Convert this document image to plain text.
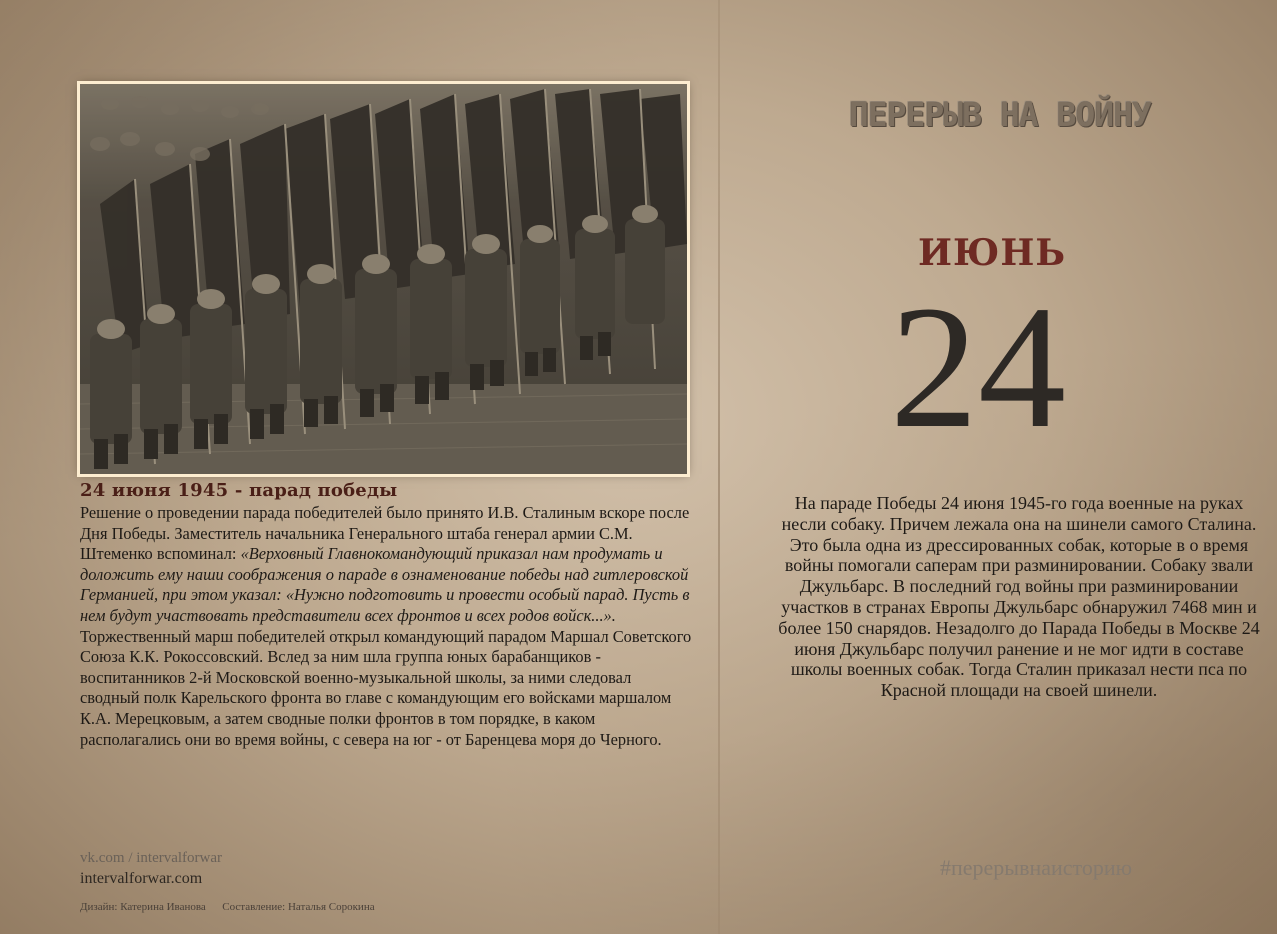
24 июня 1945 - парад победы

Решение о проведении парада победителей было принято И.В. Сталиным вскоре после Дня Победы. Заместитель начальника Генерального штаба генерал армии С.М. Штеменко вспоминал: «Верховный Главнокомандующий приказал нам продумать и доложить ему наши соображения о параде в ознаменование победы над гитлеровской Германией, при этом указал: «Нужно подготовить и провести особый парад. Пусть в нем будут участвовать представители всех фронтов и всех родов войск...». Торжественный марш победителей открыл командующий парадом Маршал Советского Союза К.К. Рокоссовский. Вслед за ним шла группа юных барабанщиков - воспитанников 2-й Московской военно-музыкальной школы, за ними следовал сводный полк Карельского фронта во главе с командующим его войсками маршалом К.А. Мерецковым, а затем сводные полки фронтов в том порядке, в каком располагались они во время войны, с севера на юг - от Баренцева моря до Черного.

vk.com / intervalforwar
intervalforwar.com
Дизайн: Катерина Иванова      Составление: Наталья Сорокина
ПЕРЕРЫВ НА ВОЙНУ
ИЮНЬ
24
На параде Победы 24 июня 1945-го года военные на руках несли собаку. Причем лежала она на шинели самого Сталина. Это была одна из дрессированных собак, которые в о время войны помогали саперам при разминировании. Собаку звали Джульбарс. В последний год войны при разминировании участков в странах Европы Джульбарс обнаружил 7468 мин и более 150 снарядов. Незадолго до Парада Победы в Москве 24 июня Джульбарс получил ранение и не мог идти в составе школы военных собак. Тогда Сталин приказал нести пса по Красной площади на своей шинели.
#перерывнаисторию
